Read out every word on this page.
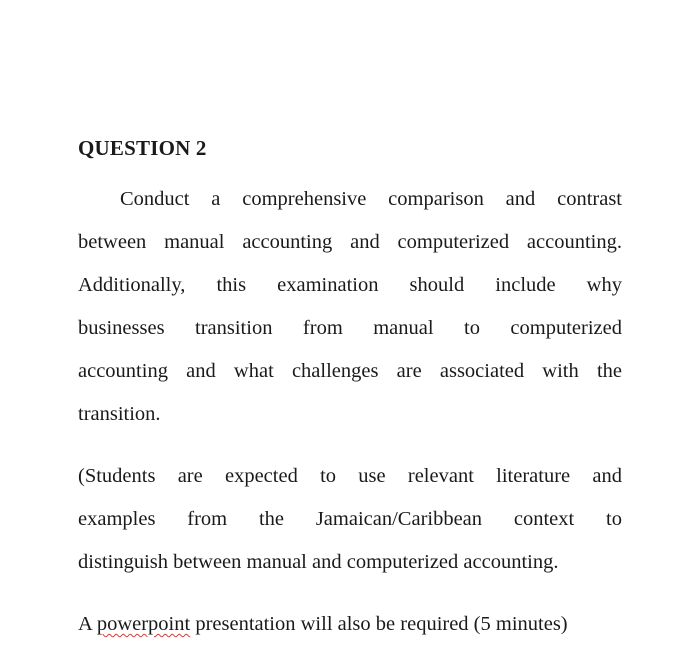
QUESTION 2
Conduct a comprehensive comparison and contrast
between manual accounting and computerized accounting.
Additionally, this examination should include why
businesses transition from manual to computerized
accounting and what challenges are associated with the
transition.
(Students are expected to use relevant literature and
examples from the Jamaican/Caribbean context to
distinguish between manual and computerized accounting.
A powerpoint presentation will also be required (5 minutes)
